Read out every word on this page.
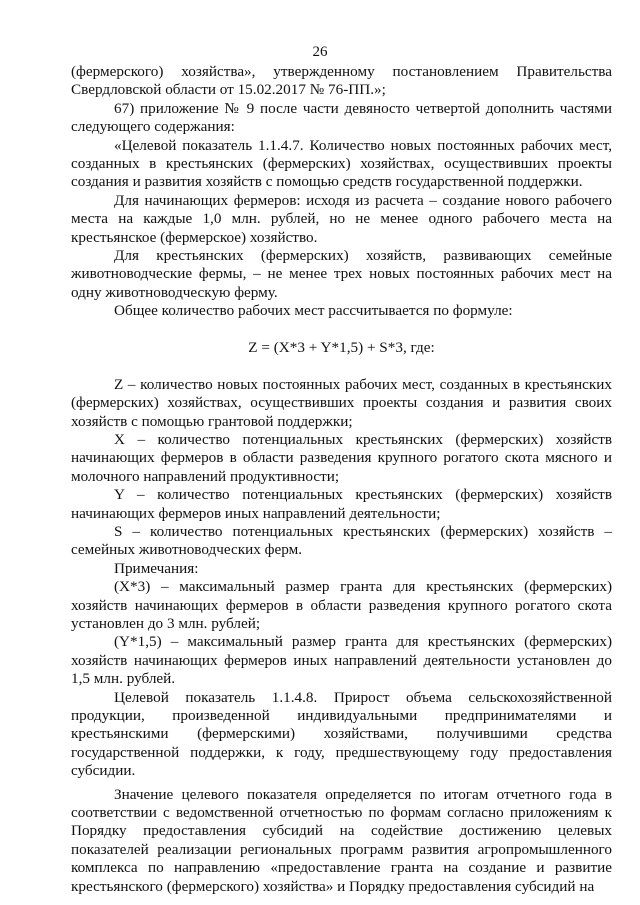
26

(фермерского) хозяйства», утвержденному постановлением Правительства Свердловской области от 15.02.2017 № 76-ПП.»;

67) приложение № 9 после части девяносто четвертой дополнить частями следующего содержания:

«Целевой показатель 1.1.4.7. Количество новых постоянных рабочих мест, созданных в крестьянских (фермерских) хозяйствах, осуществивших проекты создания и развития хозяйств с помощью средств государственной поддержки.

Для начинающих фермеров: исходя из расчета – создание нового рабочего места на каждые 1,0 млн. рублей, но не менее одного рабочего места на крестьянское (фермерское) хозяйство.

Для крестьянских (фермерских) хозяйств, развивающих семейные животноводческие фермы, – не менее трех новых постоянных рабочих мест на одну животноводческую ферму.

Общее количество рабочих мест рассчитывается по формуле:

Z = (X*3 + Y*1,5) + S*3, где:

Z – количество новых постоянных рабочих мест, созданных в крестьянских (фермерских) хозяйствах, осуществивших проекты создания и развития своих хозяйств с помощью грантовой поддержки;

X – количество потенциальных крестьянских (фермерских) хозяйств начинающих фермеров в области разведения крупного рогатого скота мясного и молочного направлений продуктивности;

Y – количество потенциальных крестьянских (фермерских) хозяйств начинающих фермеров иных направлений деятельности;

S – количество потенциальных крестьянских (фермерских) хозяйств – семейных животноводческих ферм.

Примечания:

(X*3) – максимальный размер гранта для крестьянских (фермерских) хозяйств начинающих фермеров в области разведения крупного рогатого скота установлен до 3 млн. рублей;

(Y*1,5) – максимальный размер гранта для крестьянских (фермерских) хозяйств начинающих фермеров иных направлений деятельности установлен до 1,5 млн. рублей.

Целевой показатель 1.1.4.8. Прирост объема сельскохозяйственной продукции, произведенной индивидуальными предпринимателями и крестьянскими (фермерскими) хозяйствами, получившими средства государственной поддержки, к году, предшествующему году предоставления субсидии.

Значение целевого показателя определяется по итогам отчетного года в соответствии с ведомственной отчетностью по формам согласно приложениям к Порядку предоставления субсидий на содействие достижению целевых показателей реализации региональных программ развития агропромышленного комплекса по направлению «предоставление гранта на создание и развитие крестьянского (фермерского) хозяйства» и Порядку предоставления субсидий на
